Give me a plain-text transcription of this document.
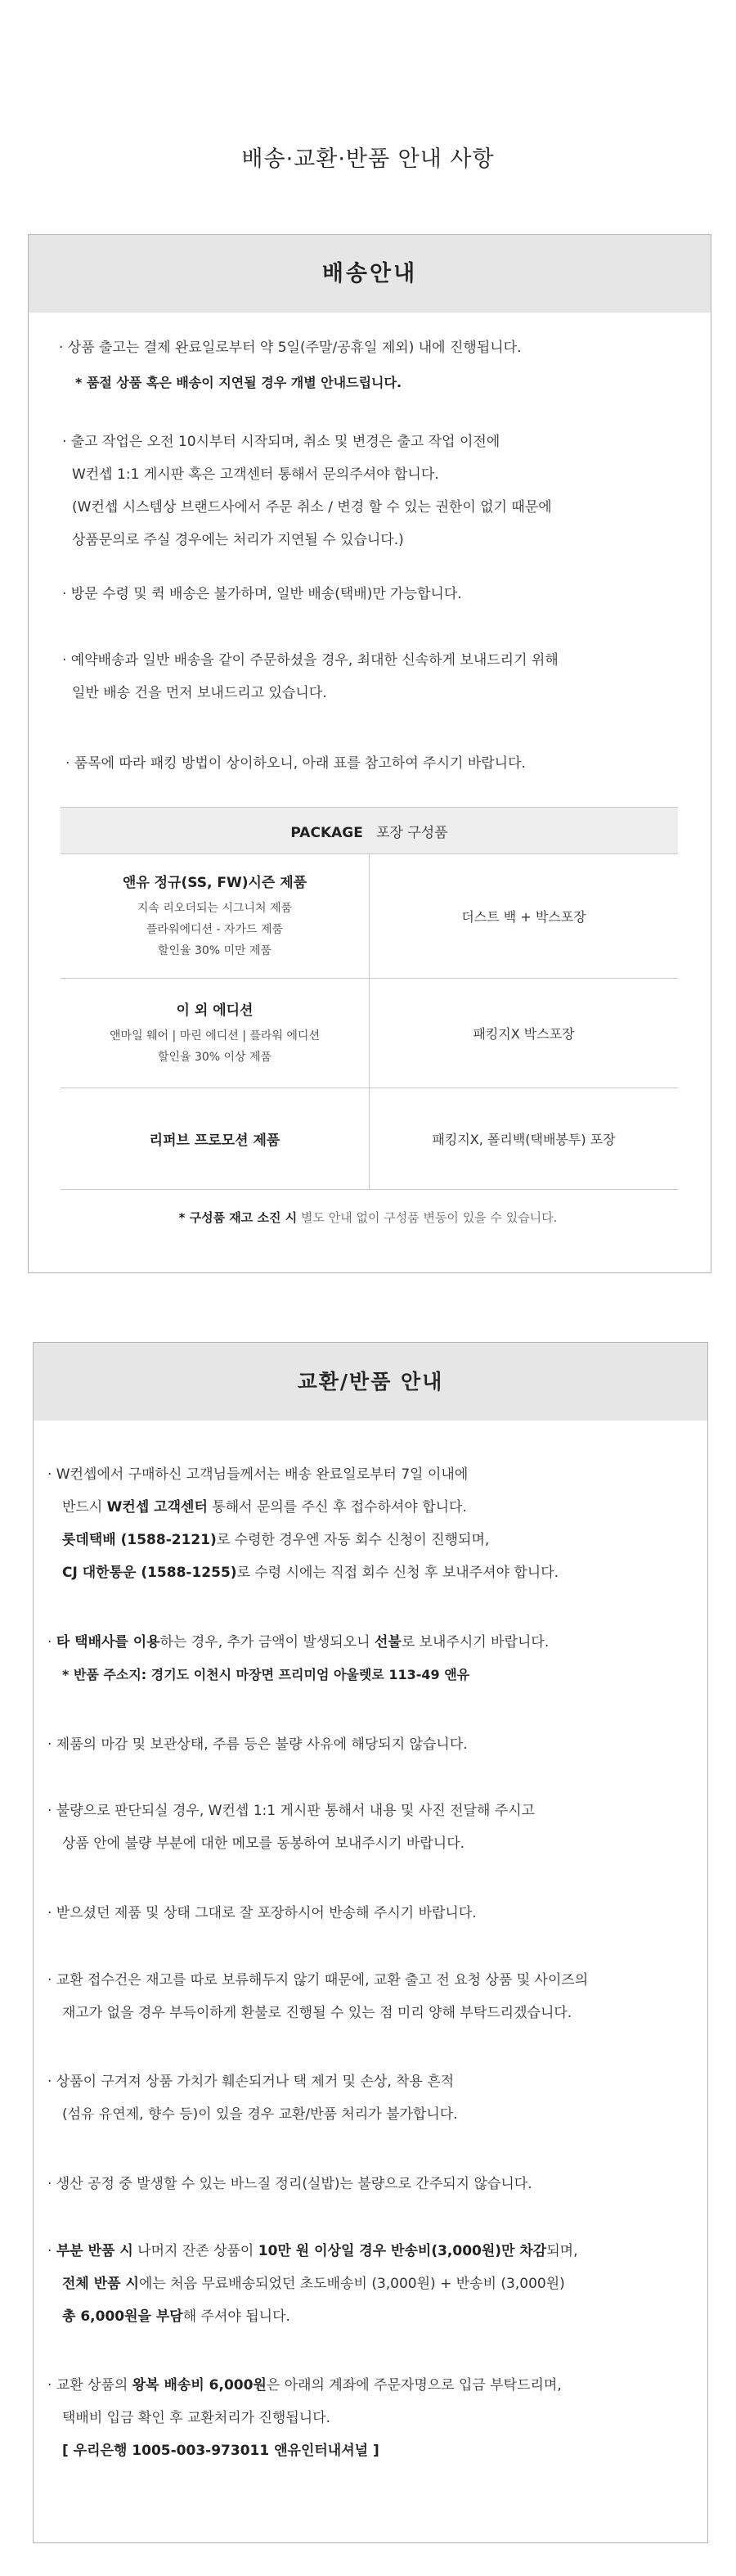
배송·교환·반품 안내 사항
배송안내
· 상품 출고는 결제 완료일로부터 약 5일(주말/공휴일 제외) 내에 진행됩니다.
* 품절 상품 혹은 배송이 지연될 경우 개별 안내드립니다.
· 출고 작업은 오전 10시부터 시작되며, 취소 및 변경은 출고 작업 이전에
W컨셉 1:1 게시판 혹은 고객센터 통해서 문의주셔야 합니다.
(W컨셉 시스템상 브랜드사에서 주문 취소 / 변경 할 수 있는 권한이 없기 때문에
상품문의로 주실 경우에는 처리가 지연될 수 있습니다.)
· 방문 수령 및 퀵 배송은 불가하며, 일반 배송(택배)만 가능합니다.
· 예약배송과 일반 배송을 같이 주문하셨을 경우, 최대한 신속하게 보내드리기 위해
일반 배송 건을 먼저 보내드리고 있습니다.
· 품목에 따라 패킹 방법이 상이하오니, 아래 표를 참고하여 주시기 바랍니다.
PACKAGE 포장 구성품	

앤유 정규(SS, FW)시즌 제품
지속 리오더되는 시그니처 제품
플라워에디션 - 자가드 제품
할인율 30% 미만 제품	더스트 백 + 박스포장

이 외 에디션
앤마일 웨어 | 마린 에디션 | 플라워 에디션
할인율 30% 이상 제품	패킹지X 박스포장

리퍼브 프로모션 제품	패킹지X, 폴리백(택배봉투) 포장
* 구성품 재고 소진 시 별도 안내 없이 구성품 변동이 있을 수 있습니다.
교환/반품 안내
· W컨셉에서 구매하신 고객님들께서는 배송 완료일로부터 7일 이내에
반드시 W컨셉 고객센터 통해서 문의를 주신 후 접수하셔야 합니다.
롯데택배 (1588-2121)로 수령한 경우엔 자동 회수 신청이 진행되며,
CJ 대한통운 (1588-1255)로 수령 시에는 직접 회수 신청 후 보내주셔야 합니다.
· 타 택배사를 이용하는 경우, 추가 금액이 발생되오니 선불로 보내주시기 바랍니다.
* 반품 주소지: 경기도 이천시 마장면 프리미엄 아울렛로 113-49 앤유
· 제품의 마감 및 보관상태, 주름 등은 불량 사유에 해당되지 않습니다.
· 불량으로 판단되실 경우, W컨셉 1:1 게시판 통해서 내용 및 사진 전달해 주시고
상품 안에 불량 부분에 대한 메모를 동봉하여 보내주시기 바랍니다.
· 받으셨던 제품 및 상태 그대로 잘 포장하시어 반송해 주시기 바랍니다.
· 교환 접수건은 재고를 따로 보류해두지 않기 때문에, 교환 출고 전 요청 상품 및 사이즈의
재고가 없을 경우 부득이하게 환불로 진행될 수 있는 점 미리 양해 부탁드리겠습니다.
· 상품이 구겨져 상품 가치가 훼손되거나 택 제거 및 손상, 착용 흔적
(섬유 유연제, 향수 등)이 있을 경우 교환/반품 처리가 불가합니다.
· 생산 공정 중 발생할 수 있는 바느질 정리(실밥)는 불량으로 간주되지 않습니다.
· 부분 반품 시 나머지 잔존 상품이 10만 원 이상일 경우 반송비(3,000원)만 차감되며,
전체 반품 시에는 처음 무료배송되었던 초도배송비 (3,000원) + 반송비 (3,000원)
총 6,000원을 부담해 주셔야 됩니다.
· 교환 상품의 왕복 배송비 6,000원은 아래의 계좌에 주문자명으로 입금 부탁드리며,
택배비 입금 확인 후 교환처리가 진행됩니다.
[ 우리은행 1005-003-973011 앤유인터내셔널 ]
